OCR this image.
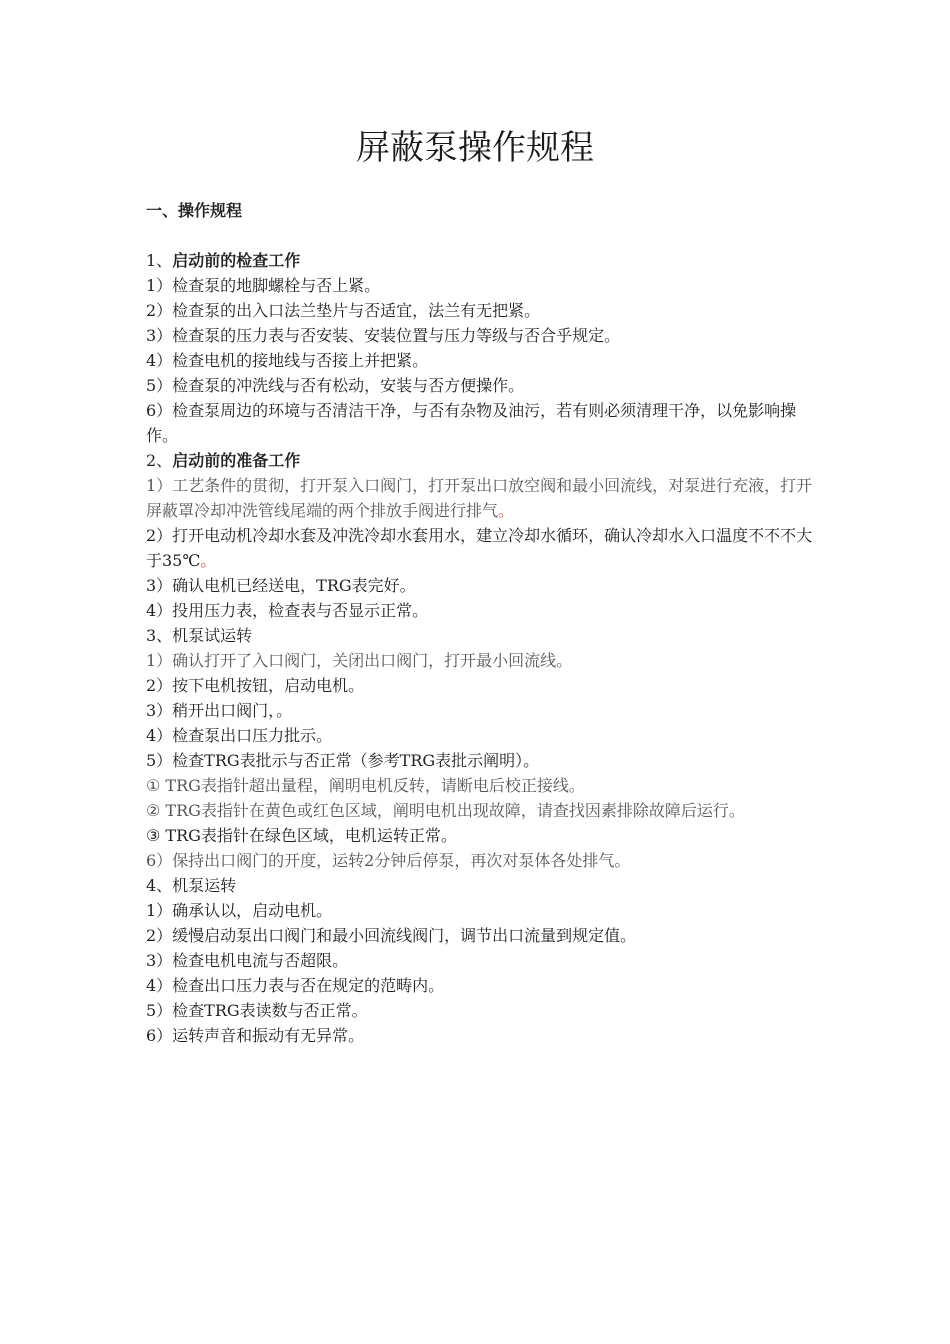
屏蔽泵操作规程
一、操作规程
1、启动前的检查工作
1）检查泵的地脚螺栓与否上紧。
2）检查泵的出入口法兰垫片与否适宜，法兰有无把紧。
3）检查泵的压力表与否安装、安装位置与压力等级与否合乎规定。
4）检查电机的接地线与否接上并把紧。
5）检查泵的冲洗线与否有松动，安装与否方便操作。
6）检查泵周边的环境与否清洁干净，与否有杂物及油污，若有则必须清理干净，以免影响操作。
2、启动前的准备工作
1）工艺条件的贯彻，打开泵入口阀门，打开泵出口放空阀和最小回流线，对泵进行充液，打开屏蔽罩冷却冲洗管线尾端的两个排放手阀进行排气。
2）打开电动机冷却水套及冲洗冷却水套用水，建立冷却水循环，确认冷却水入口温度不不不大于35℃。
3）确认电机已经送电，TRG表完好。
4）投用压力表，检查表与否显示正常。
3、机泵试运转
1）确认打开了入口阀门，关闭出口阀门，打开最小回流线。
2）按下电机按钮，启动电机。
3）稍开出口阀门，。
4）检查泵出口压力批示。
5）检查TRG表批示与否正常（参考TRG表批示阐明）。
① TRG表指针超出量程，阐明电机反转，请断电后校正接线。
② TRG表指针在黄色或红色区域，阐明电机出现故障，请查找因素排除故障后运行。
③ TRG表指针在绿色区域，电机运转正常。
6）保持出口阀门的开度，运转2分钟后停泵，再次对泵体各处排气。
4、机泵运转
1）确承认以，启动电机。
2）缓慢启动泵出口阀门和最小回流线阀门，调节出口流量到规定值。
3）检查电机电流与否超限。
4）检查出口压力表与否在规定的范畴内。
5）检查TRG表读数与否正常。
6）运转声音和振动有无异常。
